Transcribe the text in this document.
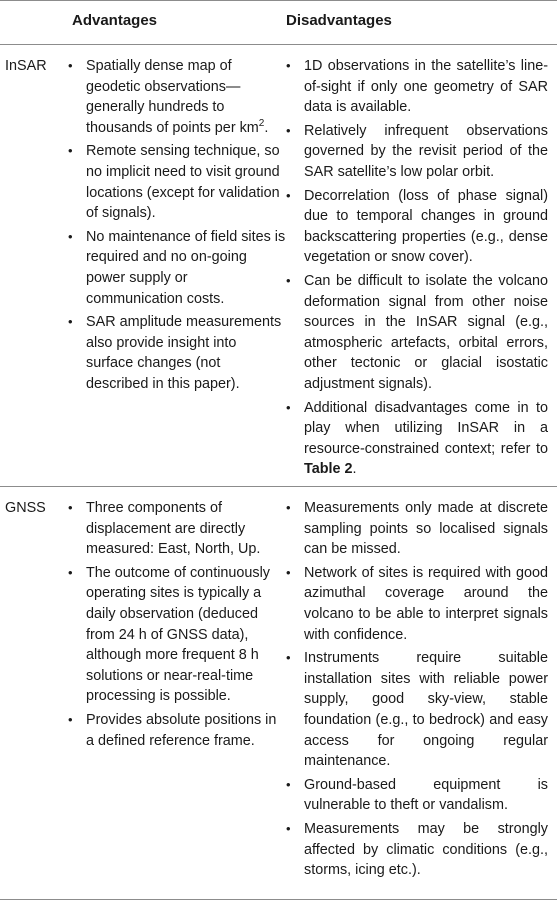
Advantages	Disadvantages
InSAR • Spatially dense map of geodetic observations—generally hundreds to thousands of points per $km^2$.
• Remote sensing technique, so no implicit need to visit ground locations (except for validation of signals).
• No maintenance of field sites is required and no on-going power supply or communication costs.
• SAR amplitude measurements also provide insight into surface changes (not described in this paper).
• 1D observations in the satellite’s line-of-sight if only one geometry of SAR data is available.
• Relatively infrequent observations governed by the revisit period of the SAR satellite’s low polar orbit.
• Decorrelation (loss of phase signal) due to temporal changes in ground backscattering properties (e.g., dense vegetation or snow cover).
• Can be difficult to isolate the volcano deformation signal from other noise sources in the InSAR signal (e.g., atmospheric artefacts, orbital errors, other tectonic or glacial isostatic adjustment signals).
• Additional disadvantages come in to play when utilizing InSAR in a resource-constrained context; refer to Table 2.
GNSS • Three components of displacement are directly measured: East, North, Up.
• The outcome of continuously operating sites is typically a daily observation (deduced from 24 h of GNSS data), although more frequent 8 h solutions or near-real-time processing is possible.
• Provides absolute positions in a defined reference frame.
• Measurements only made at discrete sampling points so localised signals can be missed.
• Network of sites is required with good azimuthal coverage around the volcano to be able to interpret signals with confidence.
• Instruments require suitable installation sites with reliable power supply, good sky-view, stable foundation (e.g., to bedrock) and easy access for ongoing regular maintenance.
• Ground-based equipment is vulnerable to theft or vandalism.
• Measurements may be strongly affected by climatic conditions (e.g., storms, icing etc.).
